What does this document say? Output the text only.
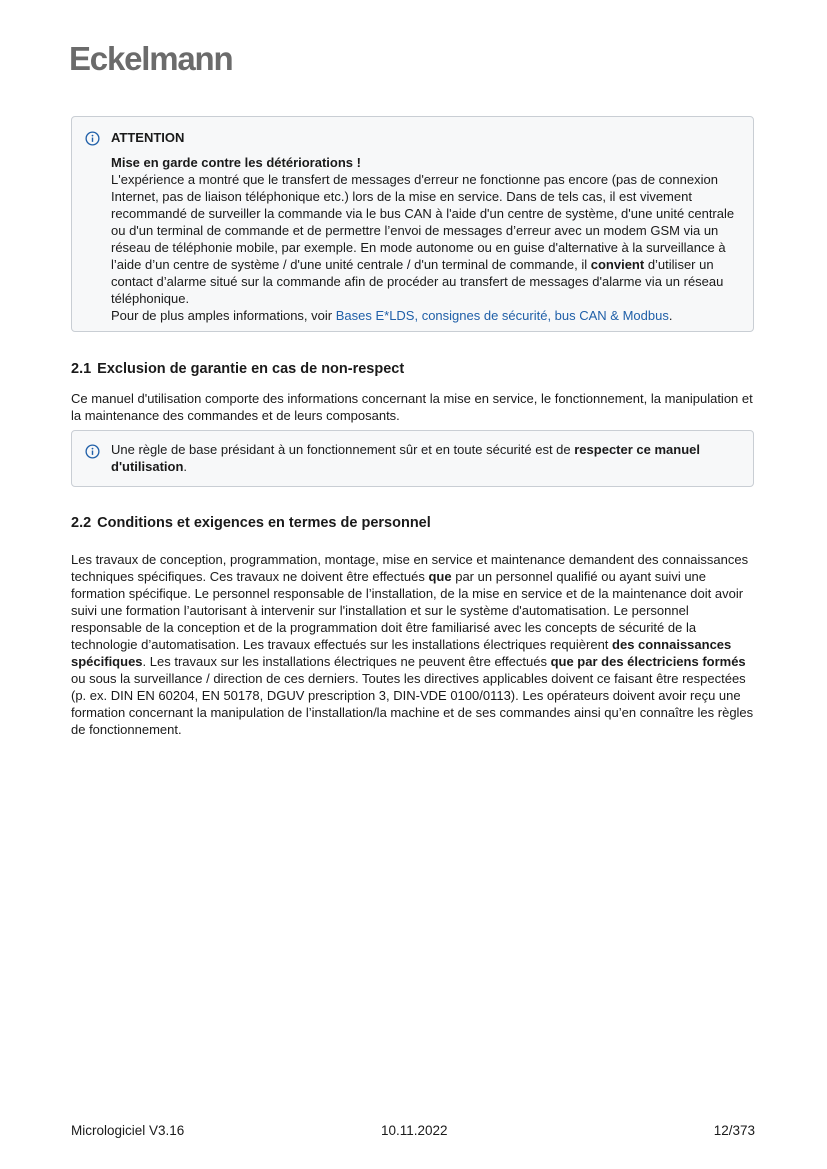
Eckelmann
ATTENTION

Mise en garde contre les détériorations !

L'expérience a montré que le transfert de messages d'erreur ne fonctionne pas encore (pas de connexion Internet, pas de liaison téléphonique etc.) lors de la mise en service. Dans de tels cas, il est vivement recommandé de surveiller la commande via le bus CAN à l'aide d'un centre de système, d'une unité centrale ou d'un terminal de commande et de permettre l’envoi de messages d’erreur avec un modem GSM via un réseau de téléphonie mobile, par exemple. En mode autonome ou en guise d'alternative à la surveillance à l’aide d’un centre de système / d'une unité centrale / d'un terminal de commande, il convient d’utiliser un contact d’alarme situé sur la commande afin de procéder au transfert de messages d'alarme via un réseau téléphonique.

Pour de plus amples informations, voir Bases E*LDS, consignes de sécurité, bus CAN & Modbus.

2.1 Exclusion de garantie en cas de non-respect

Ce manuel d'utilisation comporte des informations concernant la mise en service, le fonctionnement, la manipulation et la maintenance des commandes et de leurs composants.

Une règle de base présidant à un fonctionnement sûr et en toute sécurité est de respecter ce manuel d'utilisation.

2.2 Conditions et exigences en termes de personnel

Les travaux de conception, programmation, montage, mise en service et maintenance demandent des connaissances techniques spécifiques. Ces travaux ne doivent être effectués que par un personnel qualifié ou ayant suivi une formation spécifique. Le personnel responsable de l’installation, de la mise en service et de la maintenance doit avoir suivi une formation l’autorisant à intervenir sur l'installation et sur le système d'automatisation. Le personnel responsable de la conception et de la programmation doit être familiarisé avec les concepts de sécurité de la technologie d’automatisation. Les travaux effectués sur les installations électriques requièrent des connaissances spécifiques. Les travaux sur les installations électriques ne peuvent être effectués que par des électriciens formés ou sous la surveillance / direction de ces derniers. Toutes les directives applicables doivent ce faisant être respectées (p. ex. DIN EN 60204, EN 50178, DGUV prescription 3, DIN-VDE 0100/0113). Les opérateurs doivent avoir reçu une formation concernant la manipulation de l’installation/la machine et de ses commandes ainsi qu’en connaître les règles de fonctionnement.

Micrologiciel V3.16	10.11.2022	12/373
